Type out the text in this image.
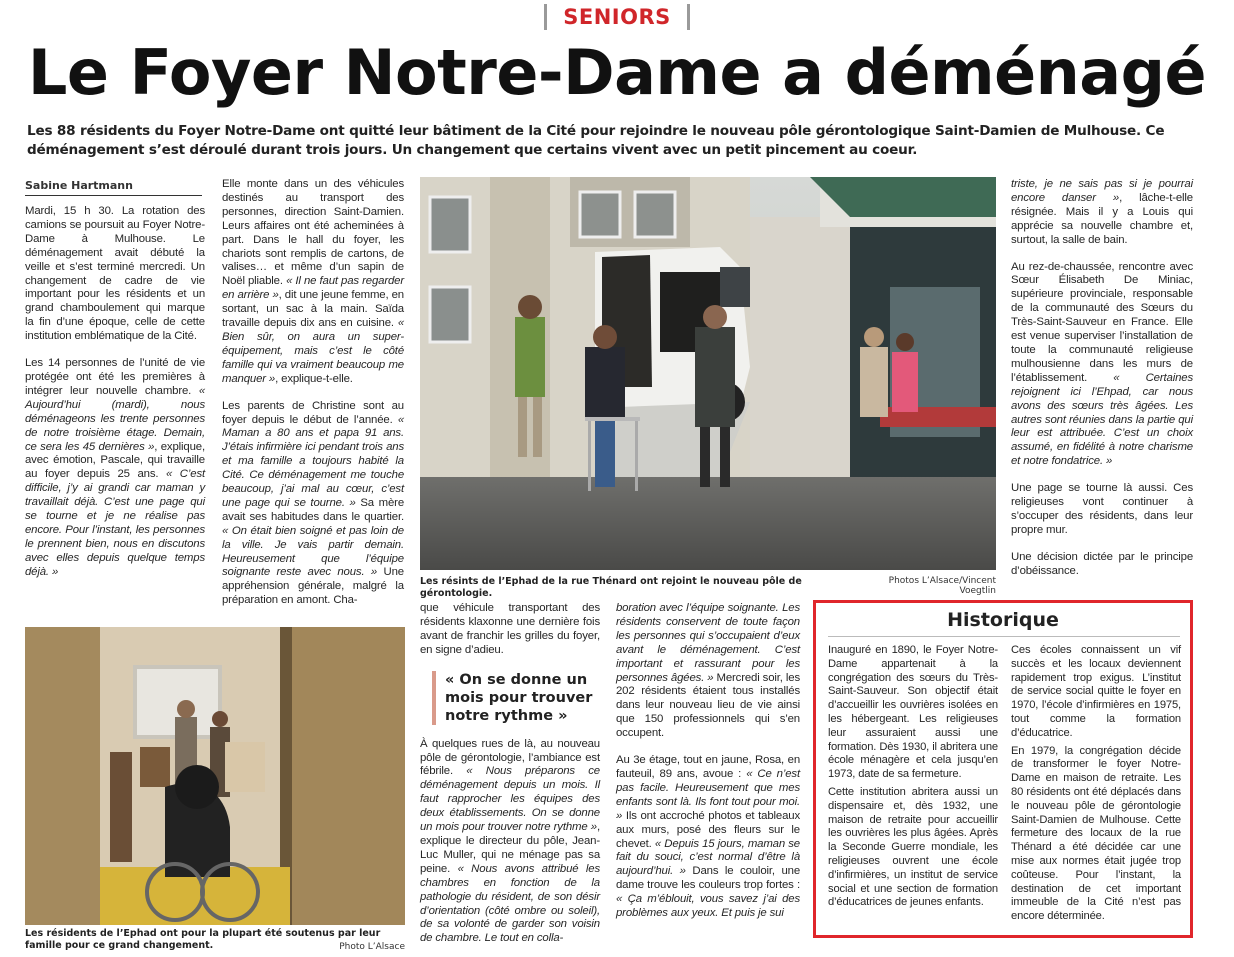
SENIORS
Le Foyer Notre-Dame a déménagé

Les 88 résidents du Foyer Notre-Dame ont quitté leur bâtiment de la Cité pour rejoindre le nouveau pôle gérontologique Saint-Damien de Mulhouse. Ce déménagement s’est déroulé durant trois jours. Un changement que certains vivent avec un petit pincement au coeur.

Sabine Hartmann

Mardi, 15 h 30. La rotation des camions se poursuit au Foyer Notre-Dame à Mulhouse. Le déménagement avait débuté la veille et s’est terminé mercredi. Un changement de cadre de vie important pour les résidents et un grand chamboulement qui marque la fin d’une époque, celle de cette institution emblématique de la Cité.

Les 14 personnes de l’unité de vie protégée ont été les premières à intégrer leur nouvelle chambre. « Aujourd’hui (mardi), nous déménageons les trente personnes de notre troisième étage. Demain, ce sera les 45 dernières », explique, avec émotion, Pascale, qui travaille au foyer depuis 25 ans. « C’est difficile, j’y ai grandi car maman y travaillait déjà. C’est une page qui se tourne et je ne réalise pas encore. Pour l’instant, les personnes le prennent bien, nous en discutons avec elles depuis quelque temps déjà. »

Elle monte dans un des véhicules destinés au transport des personnes, direction Saint-Damien. Leurs affaires ont été acheminées à part. Dans le hall du foyer, les chariots sont remplis de cartons, de valises… et même d’un sapin de Noël pliable. « Il ne faut pas regarder en arrière », dit une jeune femme, en sortant, un sac à la main. Saïda travaille depuis dix ans en cuisine. « Bien sûr, on aura un super-équipement, mais c’est le côté famille qui va vraiment beaucoup me manquer », explique-t-elle.

Les parents de Christine sont au foyer depuis le début de l’année. « Maman a 80 ans et papa 91 ans. J’étais infirmière ici pendant trois ans et ma famille a toujours habité la Cité. Ce déménagement me touche beaucoup, j’ai mal au cœur, c’est une page qui se tourne. » Sa mère avait ses habitudes dans le quartier. « On était bien soigné et pas loin de la ville. Je vais partir demain. Heureusement que l’équipe soignante reste avec nous. » Une appréhension générale, malgré la préparation en amont. Cha-

Les résints de l’Ephad de la rue Thénard ont rejoint le nouveau pôle de gérontologie.
Photos L’Alsace/Vincent Voegtlin

triste, je ne sais pas si je pourrai encore danser », lâche-t-elle résignée. Mais il y a Louis qui apprécie sa nouvelle chambre et, surtout, la salle de bain.

Au rez-de-chaussée, rencontre avec Sœur Élisabeth De Miniac, supérieure provinciale, responsable de la communauté des Sœurs du Très-Saint-Sauveur en France. Elle est venue superviser l’installation de toute la communauté religieuse mulhousienne dans les murs de l’établissement. « Certaines rejoignent ici l’Ehpad, car nous avons des sœurs très âgées. Les autres sont réunies dans la partie qui leur est attribuée. C’est un choix assumé, en fidélité à notre charisme et notre fondatrice. »

Une page se tourne là aussi. Ces religieuses vont continuer à s’occuper des résidents, dans leur propre mur.

Une décision dictée par le principe d’obéissance.

Les résidents de l’Ephad ont pour la plupart été soutenus par leur famille pour ce grand changement.	Photo L’Alsace

que véhicule transportant des résidents klaxonne une dernière fois avant de franchir les grilles du foyer, en signe d’adieu.

À quelques rues de là, au nouveau pôle de gérontologie, l’ambiance est fébrile. « Nous préparons ce déménagement depuis un mois. Il faut rapprocher les équipes des deux établissements. On se donne un mois pour trouver notre rythme », explique le directeur du pôle, Jean-Luc Muller, qui ne ménage pas sa peine. « Nous avons attribué les chambres en fonction de la pathologie du résident, de son désir d’orientation (côté ombre ou soleil), de sa volonté de garder son voisin de chambre. Le tout en colla-

« On se donne un mois pour trouver notre rythme »

boration avec l’équipe soignante. Les résidents conservent de toute façon les personnes qui s’occupaient d’eux avant le déménagement. C’est important et rassurant pour les personnes âgées. » Mercredi soir, les 202 résidents étaient tous installés dans leur nouveau lieu de vie ainsi que 150 professionnels qui s’en occupent.

Au 3e étage, tout en jaune, Rosa, en fauteuil, 89 ans, avoue : « Ce n’est pas facile. Heureusement que mes enfants sont là. Ils font tout pour moi. » Ils ont accroché photos et tableaux aux murs, posé des fleurs sur le chevet. « Depuis 15 jours, maman se fait du souci, c’est normal d’être là aujourd’hui. » Dans le couloir, une dame trouve les couleurs trop fortes : « Ça m’éblouit, vous savez j’ai des problèmes aux yeux. Et puis je sui

Historique

Inauguré en 1890, le Foyer Notre-Dame appartenait à la congrégation des sœurs du Très-Saint-Sauveur. Son objectif était d’accueillir les ouvrières isolées en les hébergeant. Les religieuses leur assuraient aussi une formation. Dès 1930, il abritera une école ménagère et cela jusqu’en 1973, date de sa fermeture.

Cette institution abritera aussi un dispensaire et, dès 1932, une maison de retraite pour accueillir les ouvrières les plus âgées. Après la Seconde Guerre mondiale, les religieuses ouvrent une école d’infirmières, un institut de service social et une section de formation d’éducatrices de jeunes enfants.

Ces écoles connaissent un vif succès et les locaux deviennent rapidement trop exigus. L’institut de service social quitte le foyer en 1970, l’école d’infirmières en 1975, tout comme la formation d’éducatrice.

En 1979, la congrégation décide de transformer le foyer Notre-Dame en maison de retraite. Les 80 résidents ont été déplacés dans le nouveau pôle de gérontologie Saint-Damien de Mulhouse. Cette fermeture des locaux de la rue Thénard a été décidée car une mise aux normes était jugée trop coûteuse. Pour l’instant, la destination de cet important immeuble de la Cité n’est pas encore déterminée.
